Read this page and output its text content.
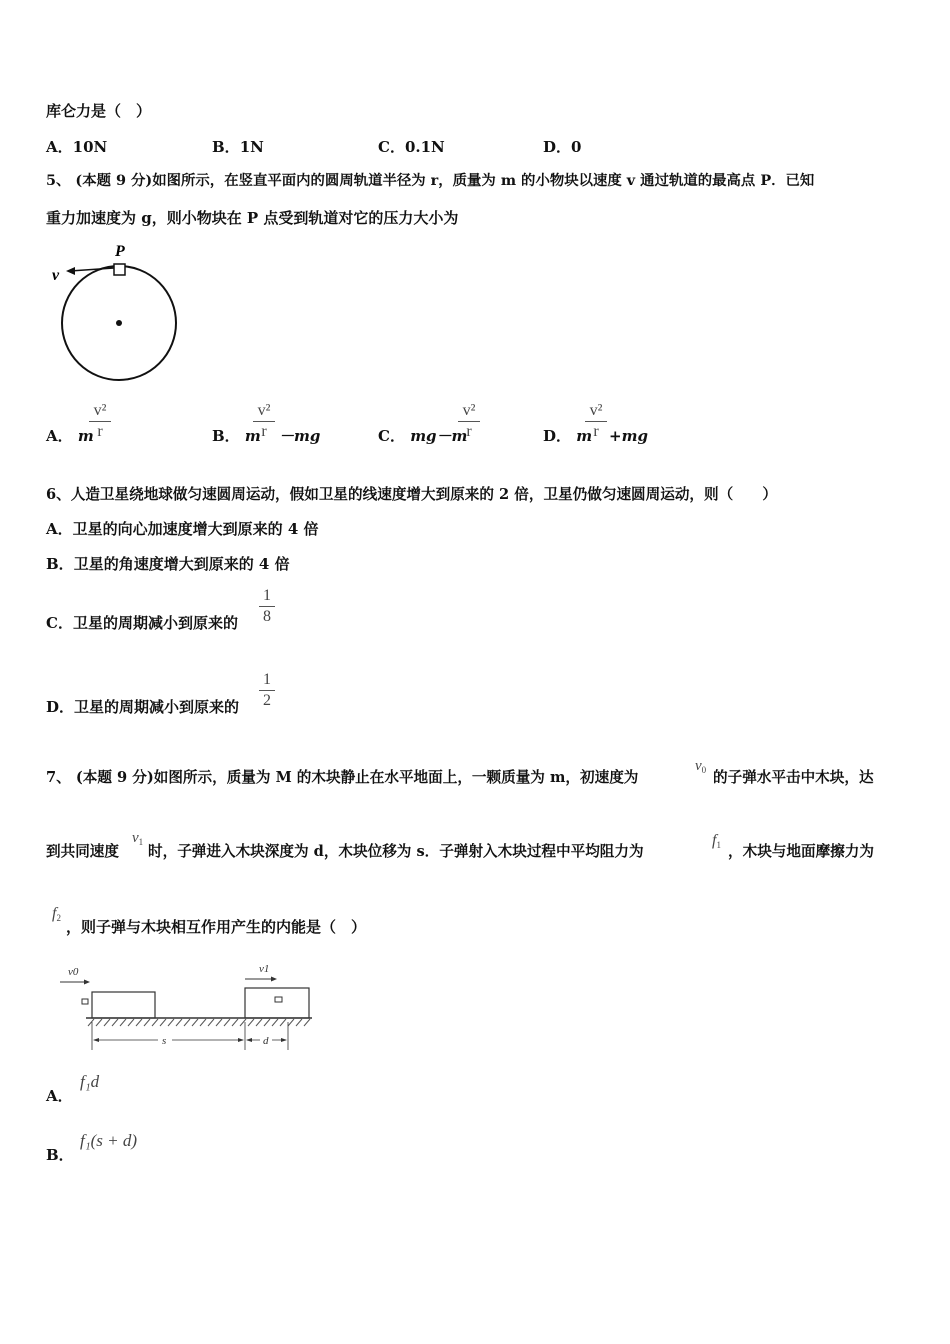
库仑力是（　）
A．10N	B．1N	C．0.1N	D．0
5、 (本题 9 分)如图所示，在竖直平面内的圆周轨道半径为 r，质量为 m 的小物块以速度 v 通过轨道的最高点 P．已知
重力加速度为 g，则小物块在 P 点受到轨道对它的压力大小为
P
v
A． m
v²
r	B． m
v²
r －mg	C． mg－m
v²
r	D． m
v²
r +mg
6、人造卫星绕地球做匀速圆周运动，假如卫星的线速度增大到原来的 2 倍，卫星仍做匀速圆周运动，则（　　）
A．卫星的向心加速度增大到原来的 4 倍
B．卫星的角速度增大到原来的 4 倍
C．卫星的周期减小到原来的
1
8
D．卫星的周期减小到原来的
1
2
7、 (本题 9 分)如图所示，质量为 M 的木块静止在水平地面上，一颗质量为 m，初速度为
$v_0$ 的子弹水平击中木块，达
到共同速度
$v_1$
时，子弹进入木块深度为 d，木块位移为 s．子弹射入木块过程中平均阻力为
$f_1$ ，木块与地面摩擦力为
$f_2$ ，则子弹与木块相互作用产生的内能是（　）
v0	v1
s	d
A．
f₁d
B．
f₁(s + d)
